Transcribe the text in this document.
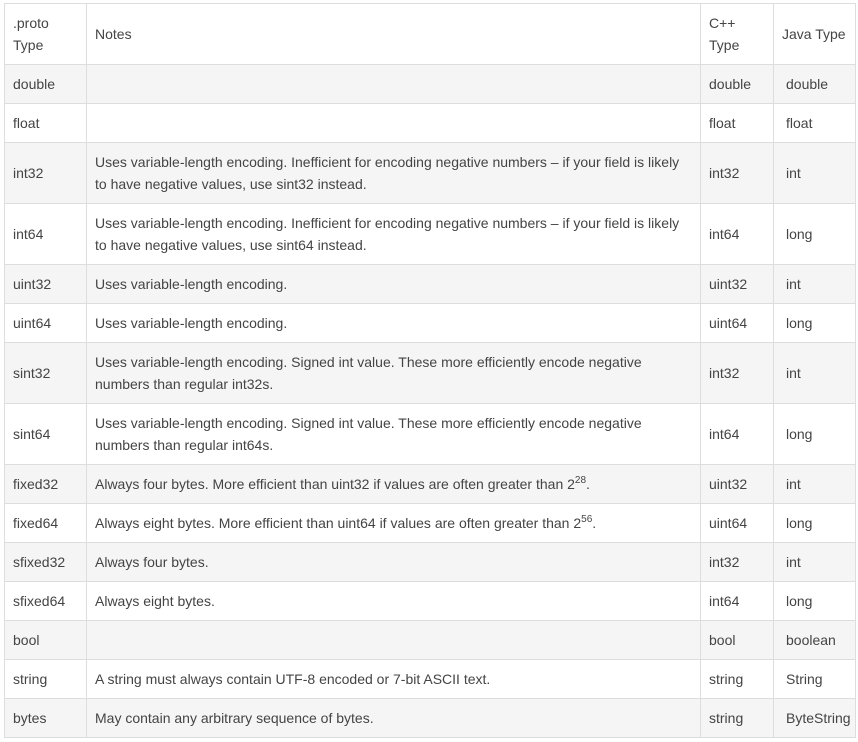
.proto Type	Notes	C++ Type	Java Type
double		double	double
float		float	float
int32	Uses variable-length encoding. Inefficient for encoding negative numbers – if your field is likely to have negative values, use sint32 instead.	int32	int
int64	Uses variable-length encoding. Inefficient for encoding negative numbers – if your field is likely to have negative values, use sint64 instead.	int64	long
uint32	Uses variable-length encoding.	uint32	int
uint64	Uses variable-length encoding.	uint64	long
sint32	Uses variable-length encoding. Signed int value. These more efficiently encode negative numbers than regular int32s.	int32	int
sint64	Uses variable-length encoding. Signed int value. These more efficiently encode negative numbers than regular int64s.	int64	long
fixed32	Always four bytes. More efficient than uint32 if values are often greater than $2^{28}$.	uint32	int
fixed64	Always eight bytes. More efficient than uint64 if values are often greater than $2^{56}$.	uint64	long
sfixed32	Always four bytes.	int32	int
sfixed64	Always eight bytes.	int64	long
bool		bool	boolean
string	A string must always contain UTF-8 encoded or 7-bit ASCII text.	string	String
bytes	May contain any arbitrary sequence of bytes.	string	ByteString
